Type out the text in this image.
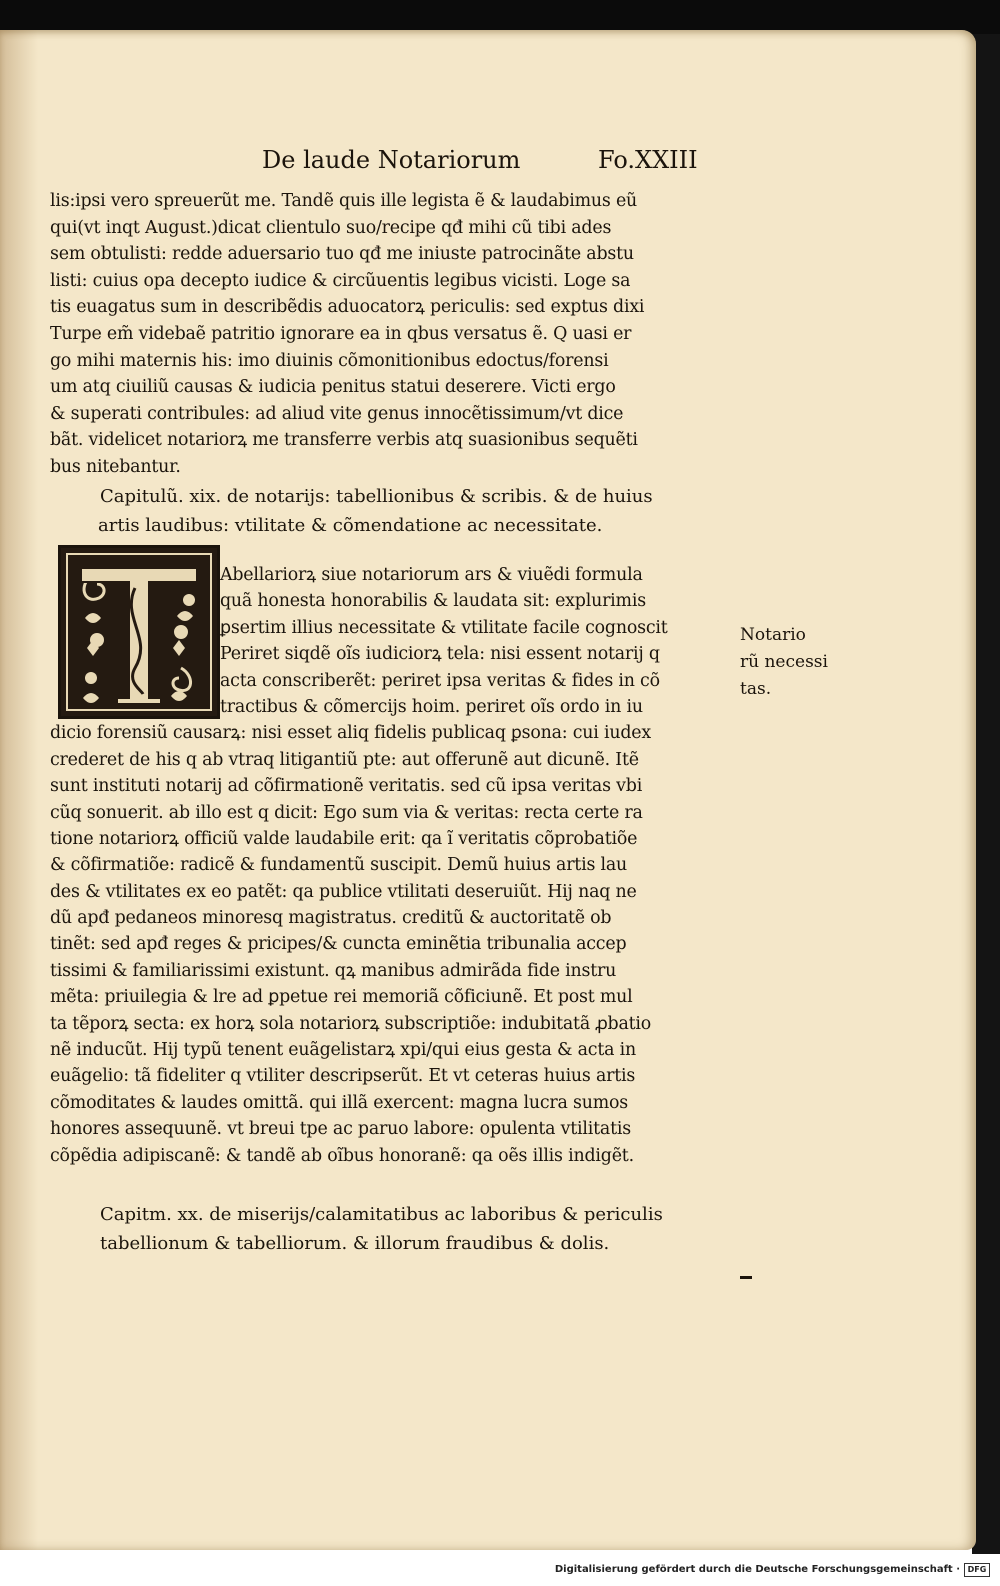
De laude Notariorum	Fo.XXIII
lis:ipsi vero spreuerũt me. Tandẽ quis ille legista ẽ & laudabimus eũ
qui(vt inqt August.)dicat clientulo suo/recipe qđ mihi cũ tibi ades
sem obtulisti: redde aduersario tuo qđ me iniuste patrocinãte abstu
listi: cuius opa decepto iudice & circũuentis legibus vicisti. Loge sa
tis euagatus sum in describẽdis aduocatorꝝ periculis: sed exptus dixi
Turpe em̃ videbaẽ patritio ignorare ea in qbus versatus ẽ. Q uasi er
go mihi maternis his: imo diuinis cõmonitionibus edoctus/forensi
um atq ciuiliũ causas & iudicia penitus statui deserere. Victi ergo
& superati contribules: ad aliud vite genus innocẽtissimum/vt dice
bãt. videlicet notariorꝝ me transferre verbis atq suasionibus sequẽti
bus nitebantur.
Capitulũ. xix. de notarijs: tabellionibus & scribis. & de huius
artis laudibus: vtilitate & cõmendatione ac necessitate.
Abellariorꝝ siue notariorum ars & viuẽdi formula
quã honesta honorabilis & laudata sit: explurimis
ꝑsertim illius necessitate & vtilitate facile cognoscit
Periret siqdẽ oĩs iudiciorꝝ tela: nisi essent notarij q
acta conscriberẽt: periret ipsa veritas & fides in cõ
tractibus & cõmercijs hoim. periret oĩs ordo in iu
dicio forensiũ causarꝝ: nisi esset aliq fidelis publicaq ꝑsona: cui iudex
crederet de his q ab vtraq litigantiũ pte: aut offerunẽ aut dicunẽ. Itẽ
sunt instituti notarij ad cõfirmationẽ veritatis. sed cũ ipsa veritas vbi
cũq sonuerit. ab illo est q dicit: Ego sum via & veritas: recta certe ra
tione notariorꝝ officiũ valde laudabile erit: qa ĩ veritatis cõprobatiõe
& cõfirmatiõe: radicẽ & fundamentũ suscipit. Demũ huius artis lau
des & vtilitates ex eo patẽt: qa publice vtilitati deseruiũt. Hij naq ne
dũ apđ pedaneos minoresq magistratus. creditũ & auctoritatẽ ob
tinẽt: sed apđ reges & pricipes/& cuncta eminẽtia tribunalia accep
tissimi & familiarissimi existunt. qꝝ manibus admirãda fide instru
mẽta: priuilegia & lre ad ꝑpetue rei memoriã cõficiunẽ. Et post mul
ta tẽporꝝ secta: ex horꝝ sola notariorꝝ subscriptiõe: indubitatã ꝓbatio
nẽ inducũt. Hij typũ tenent euãgelistarꝝ xpi/qui eius gesta & acta in
euãgelio: tã fideliter q vtiliter descripserũt. Et vt ceteras huius artis
cõmoditates & laudes omittã. qui illã exercent: magna lucra sumos
honores assequunẽ. vt breui tpe ac paruo labore: opulenta vtilitatis
cõpẽdia adipiscanẽ: & tandẽ ab oĩbus honoranẽ: qa oẽs illis indigẽt.
Notario
rũ necessi
tas.
Capitm. xx. de miserijs/calamitatibus ac laboribus & periculis
tabellionum & tabelliorum. & illorum fraudibus & dolis.
Digitalisierung gefördert durch die Deutsche Forschungsgemeinschaft · DFG
